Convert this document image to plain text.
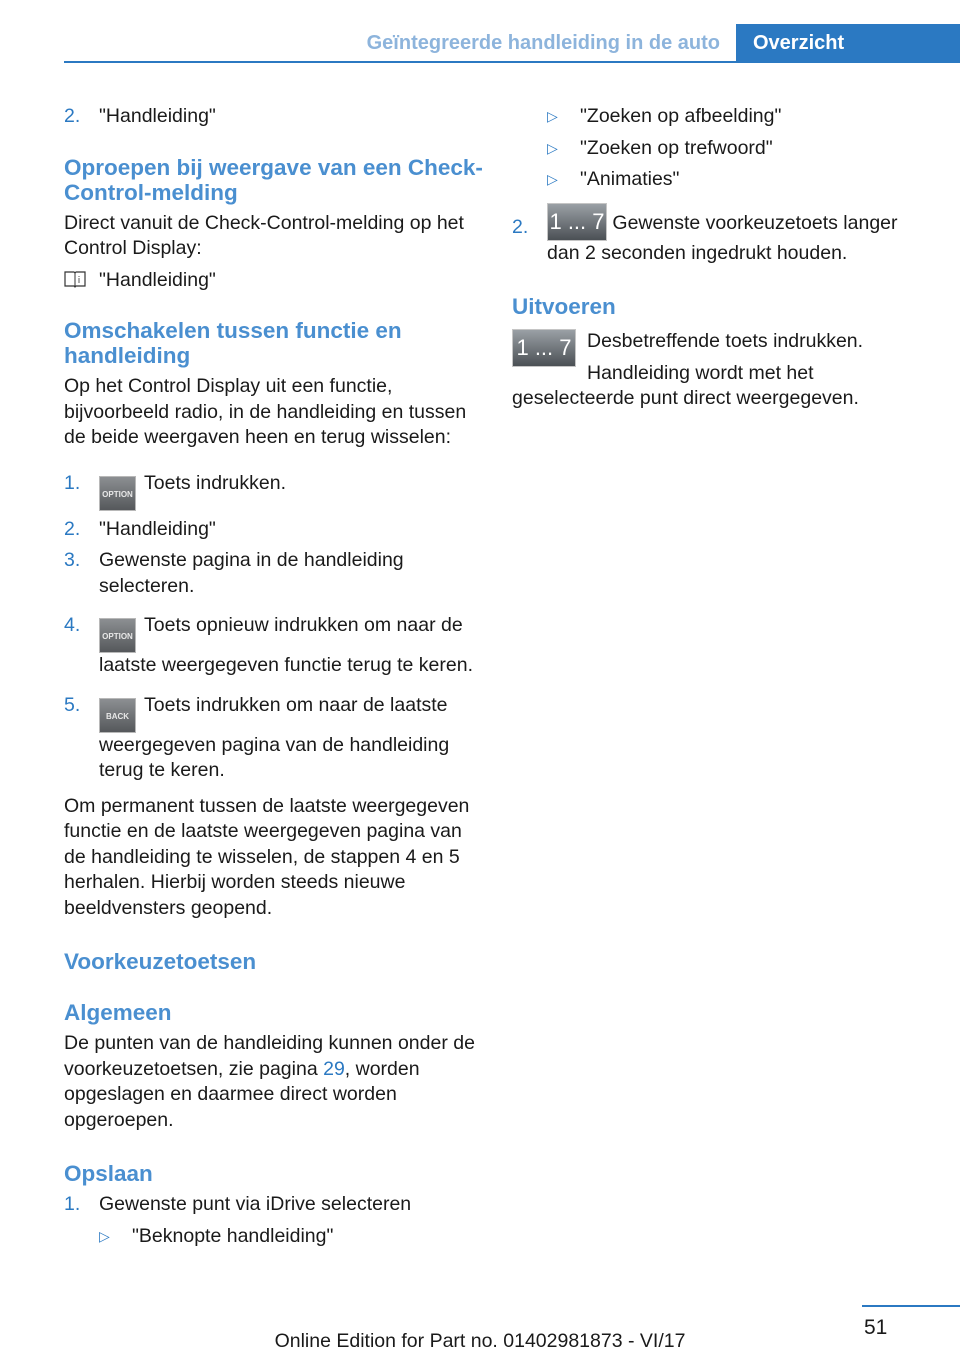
Geïntegreerde handleiding in de auto	Overzicht
2. "Handleiding"
Oproepen bij weergave van een Check-Control-melding

Direct vanuit de Check-Control-melding op het Control Display:

i "Handleiding"
Omschakelen tussen functie en handleiding

Op het Control Display uit een functie, bijvoorbeeld radio, in de handleiding en tussen de beide weergaven heen en terug wisselen:

1.
OPTIONToets indrukken.
2. "Handleiding"
3. Gewenste pagina in de handleiding selecteren.
4.
OPTIONToets opnieuw indrukken om naar de laatste weergegeven functie terug te keren.
5.
BACKToets indrukken om naar de laatste weergegeven pagina van de handleiding terug te keren.

Om permanent tussen de laatste weergegeven functie en de laatste weergegeven pagina van de handleiding te wisselen, de stappen 4 en 5 herhalen. Hierbij worden steeds nieuwe beeldvensters geopend.

Voorkeuzetoetsen
Algemeen

De punten van de handleiding kunnen onder de voorkeuzetoetsen, zie pagina 29, worden opgeslagen en daarmee direct worden opgeroepen.

Opslaan
1. Gewenste punt via iDrive selecteren
▷	"Beknopte handleiding"
▷	"Zoeken op afbeelding"
▷	"Zoeken op trefwoord"
▷	"Animaties"
2. 1 ... 7 Gewenste voorkeuzetoets langer dan 2 seconden ingedrukt houden.
Uitvoeren
1 ... 7 Desbetreffende toets indrukken.

Handleiding wordt met het geselecteerde punt direct weergegeven.

51
Online Edition for Part no. 01402981873 - VI/17
